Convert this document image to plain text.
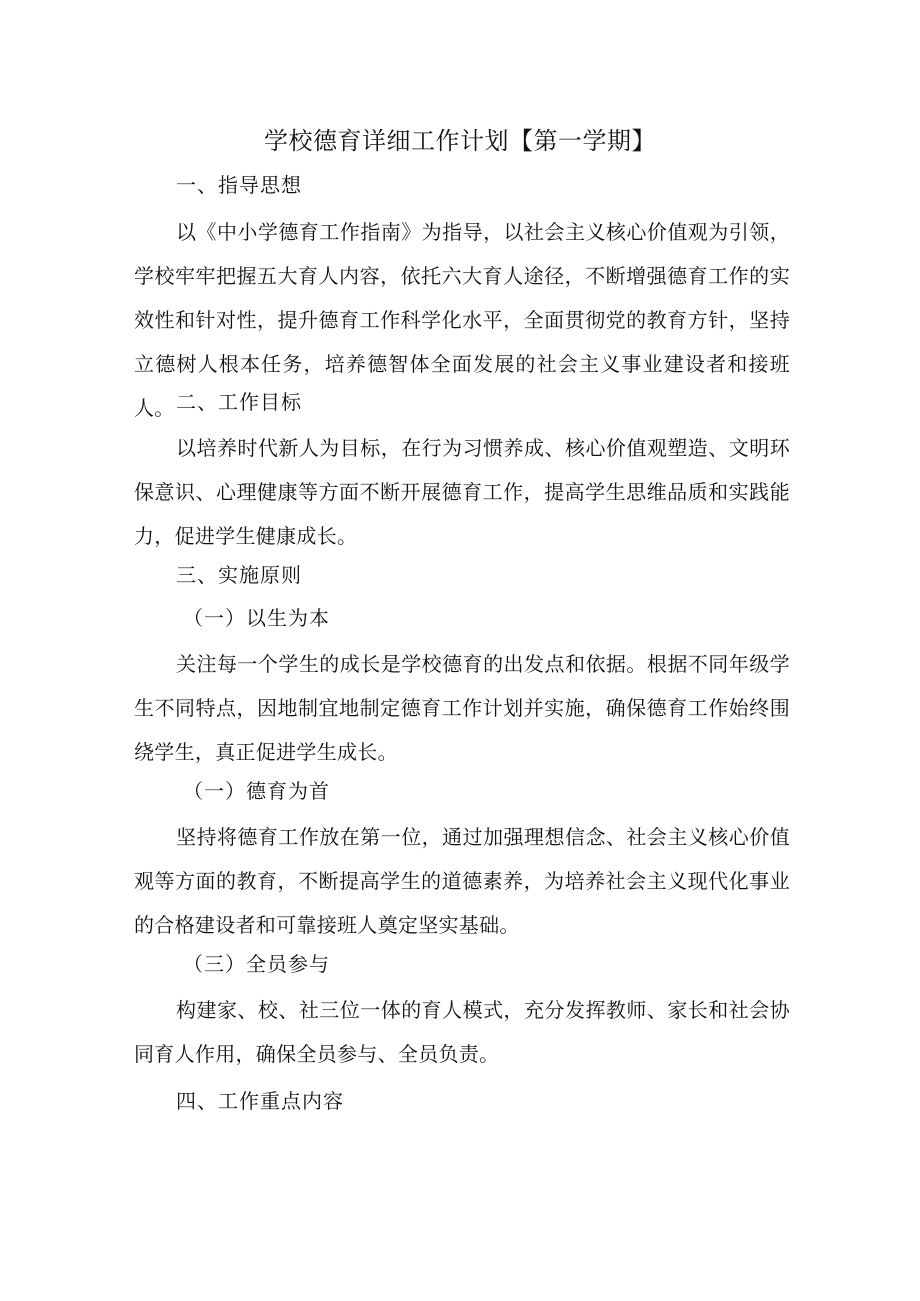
学校德育详细工作计划【第一学期】
一、指导思想
以《中小学德育工作指南》为指导，以社会主义核心价值观为引领，学校牢牢把握五大育人内容，依托六大育人途径，不断增强德育工作的实效性和针对性，提升德育工作科学化水平，全面贯彻党的教育方针，坚持立德树人根本任务，培养德智体全面发展的社会主义事业建设者和接班人。 二、工作目标
以培养时代新人为目标，在行为习惯养成、核心价值观塑造、文明环保意识、心理健康等方面不断开展德育工作，提高学生思维品质和实践能力，促进学生健康成长。
三、实施原则
（一）以生为本
关注每一个学生的成长是学校德育的出发点和依据。根据不同年级学生不同特点，因地制宜地制定德育工作计划并实施，确保德育工作始终围绕学生，真正促进学生成长。
（一）德育为首
坚持将德育工作放在第一位，通过加强理想信念、社会主义核心价值观等方面的教育，不断提高学生的道德素养，为培养社会主义现代化事业的合格建设者和可靠接班人奠定坚实基础。
（三）全员参与
构建家、校、社三位一体的育人模式，充分发挥教师、家长和社会协同育人作用，确保全员参与、全员负责。
四、工作重点内容
